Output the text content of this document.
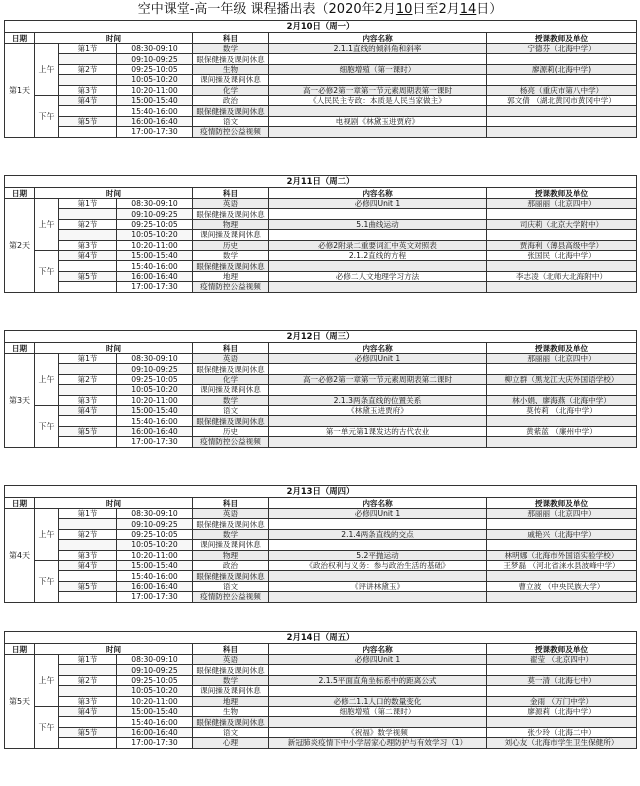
空中课堂-高一年级 课程播出表（2020年2月10日至2月14日）
2月10日（周一）						
日期	时间			科目	内容名称	授课教师及单位
第1天	上午	第1节	08:30-09:10	数学	2.1.1直线的倾斜角和斜率	宁德芬（北海中学）
			09:10-09:25	眼保健操及课间休息		
		第2节	09:25-10:05	生物	细胞增殖（第一课时）	廖源莉(北海中学)
			10:05-10:20	课间操及课间休息		
		第3节	10:20-11:00	化学	高一必修2第一章第一节元素周期表第一课时	杨亮（重庆市第八中学）
	下午	第4节	15:00-15:40	政治	《人民民主专政：本质是人民当家做主》	郭文倩 （湖北黄冈市黄冈中学）
			15:40-16:00	眼保健操及课间休息		
		第5节	16:00-16:40	语文	电视剧《林黛玉进贾府》	
			17:00-17:30	疫情防控公益视频		
2月11日（周二）						
日期	时间			科目	内容名称	授课教师及单位
第2天	上午	第1节	08:30-09:10	英语	必修四Unit 1	那丽丽（北京四中）
			09:10-09:25	眼保健操及课间休息		
		第2节	09:25-10:05	物理	5.1曲线运动	司庆莉（北京大学附中）
			10:05-10:20	课间操及课间休息		
		第3节	10:20-11:00	历史	必修2附录二重要词汇中英文对照表	贾海利（薄县高级中学）
	下午	第4节	15:00-15:40	数学	2.1.2直线的方程	张国民（北海中学）
			15:40-16:00	眼保健操及课间休息		
		第5节	16:00-16:40	地理	必修二人文地理学习方法	李志凌（北师大北海附中）
			17:00-17:30	疫情防控公益视频		
2月12日（周三）						
日期	时间			科目	内容名称	授课教师及单位
第3天	上午	第1节	08:30-09:10	英语	必修四Unit 1	那丽丽（北京四中）
			09:10-09:25	眼保健操及课间休息		
		第2节	09:25-10:05	化学	高一必修2第一章第一节元素周期表第二课时	柳立群（黑龙江大庆外国语学校）
			10:05-10:20	课间操及课间休息		
		第3节	10:20-11:00	数学	2.1.3两条直线的位置关系	林小娟、廖海燕（北海中学）
	下午	第4节	15:00-15:40	语文	《林黛玉进贾府》	莫传莉 （北海中学）
			15:40-16:00	眼保健操及课间休息		
		第5节	16:00-16:40	历史	第一单元第1课发达的古代农业	黄紫蓝 （廉州中学）
			17:00-17:30	疫情防控公益视频		
2月13日（周四）						
日期	时间			科目	内容名称	授课教师及单位
第4天	上午	第1节	08:30-09:10	英语	必修四Unit 1	那丽丽（北京四中）
			09:10-09:25	眼保健操及课间休息		
		第2节	09:25-10:05	数学	2.1.4两条直线的交点	戚艳兴（北海中学）
			10:05-10:20	课间操及课间休息		
		第3节	10:20-11:00	物理	5.2平抛运动	林明娜（北海市外国语实验学校）
	下午	第4节	15:00-15:40	政治	《政治权利与义务：参与政治生活的基础》	王梦磊 （河北省涞水县波峰中学）
			15:40-16:00	眼保健操及课间休息		
		第5节	16:00-16:40	语文	《评讲林黛玉》	曹立波 （中央民族大学）
			17:00-17:30	疫情防控公益视频		
2月14日（周五）						
日期	时间			科目	内容名称	授课教师及单位
第5天	上午	第1节	08:30-09:10	英语	必修四Unit 1	翟莹 （北京四中）
			09:10-09:25	眼保健操及课间休息		
		第2节	09:25-10:05	数学	2.1.5平面直角坐标系中的距离公式	莫一清（北海七中）
			10:05-10:20	课间操及课间休息		
		第3节	10:20-11:00	地理	必修二1.1人口的数量变化	金雨 （万门中学）
	下午	第4节	15:00-15:40	生物	细胞增殖（第二课时）	廖源莉（北海中学）
			15:40-16:00	眼保健操及课间休息		
		第5节	16:00-16:40	语文	《祝福》数学视频	张少玲（北海二中）
			17:00-17:30	心理	新冠肺炎疫情下中小学居家心理防护与有效学习（1）	刘心友（北海市学生卫生保健所）
